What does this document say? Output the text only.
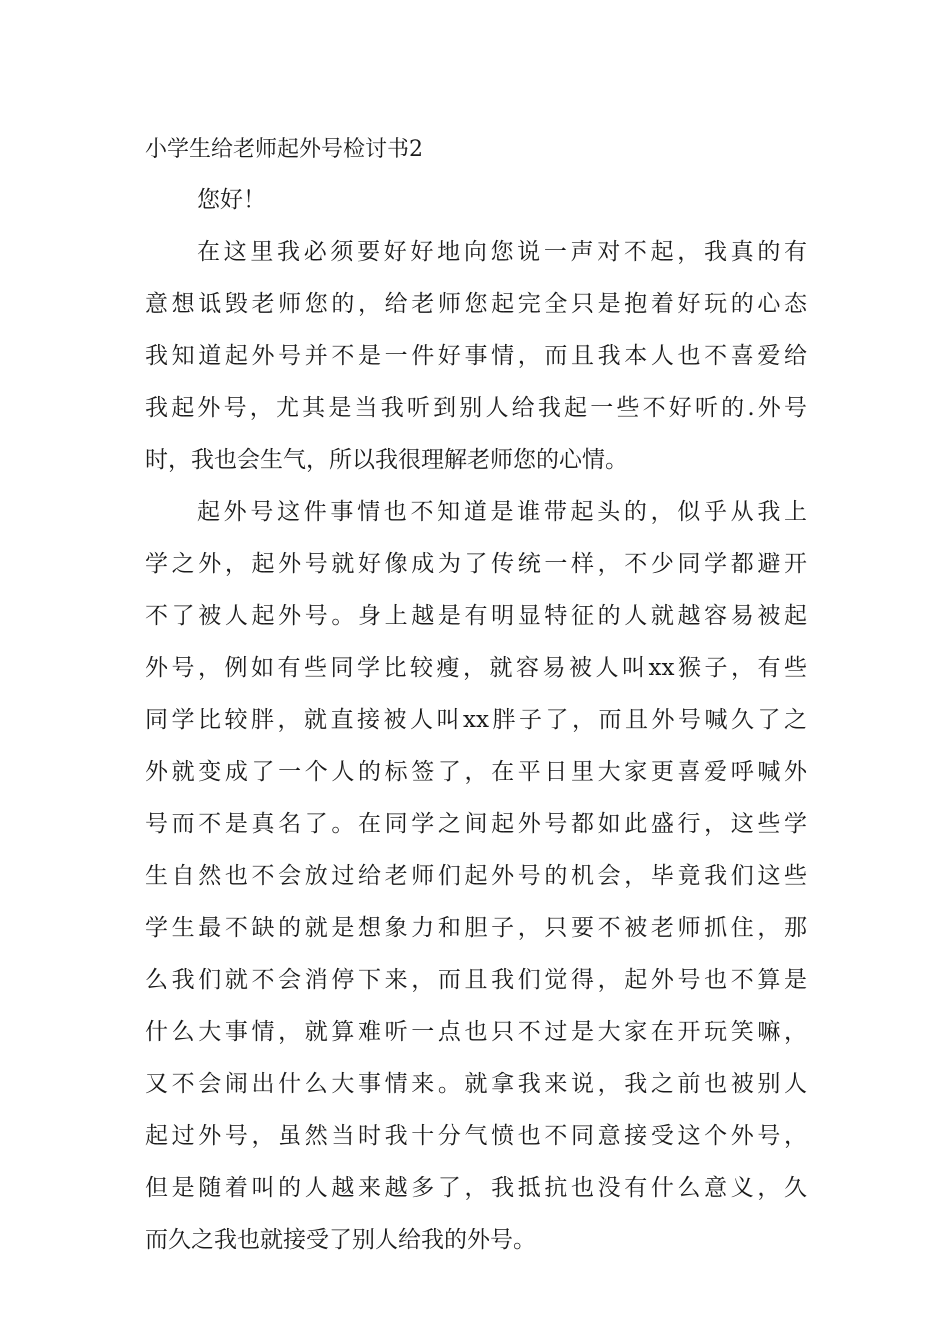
小学生给老师起外号检讨书2

您好！

在这里我必须要好好地向您说一声对不起，我真的有
意想诋毁老师您的，给老师您起完全只是抱着好玩的心态
我知道起外号并不是一件好事情，而且我本人也不喜爱给
我起外号，尤其是当我听到别人给我起一些不好听的.外号
时，我也会生气，所以我很理解老师您的心情。

起外号这件事情也不知道是谁带起头的，似乎从我上
学之外，起外号就好像成为了传统一样，不少同学都避开
不了被人起外号。身上越是有明显特征的人就越容易被起
外号，例如有些同学比较瘦，就容易被人叫xx猴子，有些
同学比较胖，就直接被人叫xx胖子了，而且外号喊久了之
外就变成了一个人的标签了，在平日里大家更喜爱呼喊外
号而不是真名了。在同学之间起外号都如此盛行，这些学
生自然也不会放过给老师们起外号的机会，毕竟我们这些
学生最不缺的就是想象力和胆子，只要不被老师抓住，那
么我们就不会消停下来，而且我们觉得，起外号也不算是
什么大事情，就算难听一点也只不过是大家在开玩笑嘛，
又不会闹出什么大事情来。就拿我来说，我之前也被别人
起过外号，虽然当时我十分气愤也不同意接受这个外号，
但是随着叫的人越来越多了，我抵抗也没有什么意义，久
而久之我也就接受了别人给我的外号。
